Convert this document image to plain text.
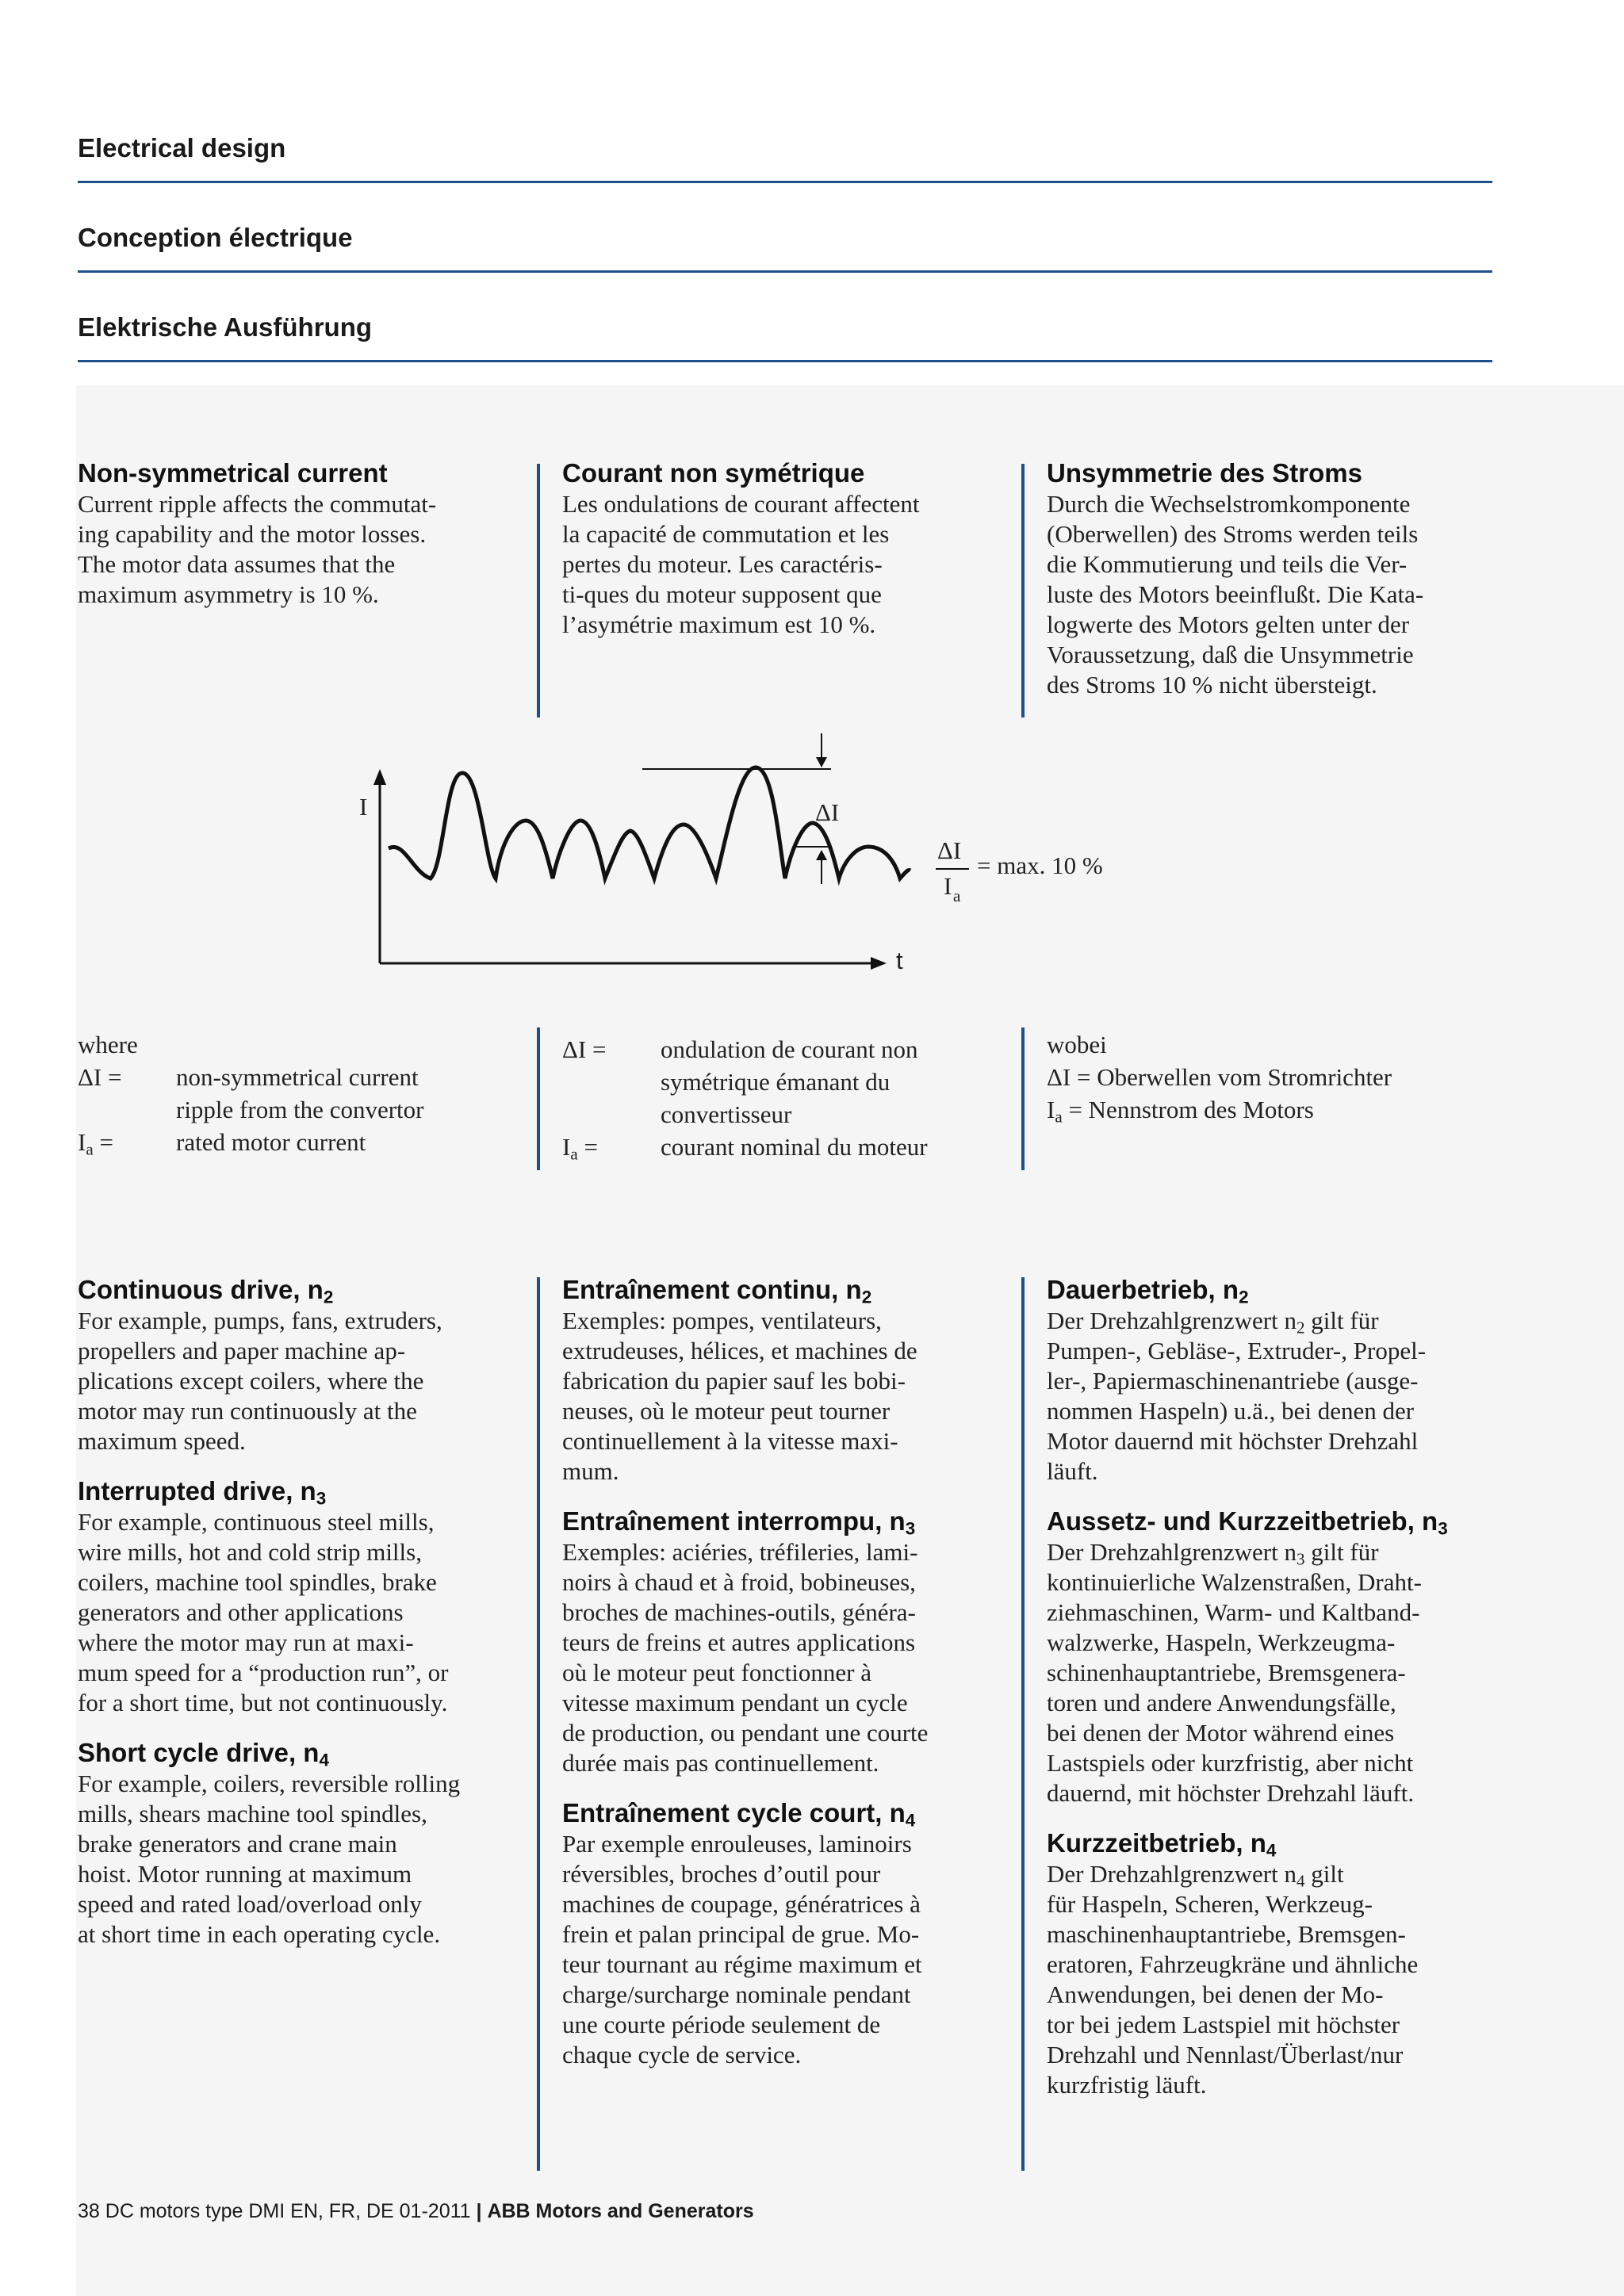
Electrical design
Conception électrique
Elektrische Ausführung
Non-symmetrical current
Current ripple affects the commutat-
ing capability and the motor losses.
The motor data assumes that the
maximum asymmetry is 10 %.
Courant non symétrique
Les ondulations de courant affectent
la capacité de commutation et les
pertes du moteur. Les caractéris-
ti-ques du moteur supposent que
l’asymétrie maximum est 10 %.
Unsymmetrie des Stroms
Durch die Wechselstromkomponente
(Oberwellen) des Stroms werden teils
die Kommutierung und teils die Ver-
luste des Motors beeinflußt. Die Kata-
logwerte des Motors gelten unter der
Voraussetzung, daß die Unsymmetrie
des Stroms 10 % nicht übersteigt.
I	ΔI
ΔI
I a
= max. 10 %
t
where
ΔI =	non-symmetrical current
ripple from the convertor
$I_a$ =	rated motor current
ΔI =	ondulation de courant non
symétrique émanant du
convertisseur
$I_a$ =	courant nominal du moteur
wobei
ΔI = Oberwellen vom Stromrichter
$I_a$ = Nennstrom des Motors
Continuous drive, $n_2$
For example, pumps, fans, extruders,
propellers and paper machine ap-
plications except coilers, where the
motor may run continuously at the
maximum speed.
Interrupted drive, $n_3$
For example, continuous steel mills,
wire mills, hot and cold strip mills,
coilers, machine tool spindles, brake
generators and other applications
where the motor may run at maxi-
mum speed for a “production run”, or
for a short time, but not continuously.
Short cycle drive, $n_4$
For example, coilers, reversible rolling
mills, shears machine tool spindles,
brake generators and crane main
hoist. Motor running at maximum
speed and rated load/overload only
at short time in each operating cycle.
Entraînement continu, $n_2$
Exemples: pompes, ventilateurs,
extrudeuses, hélices, et machines de
fabrication du papier sauf les bobi-
neuses, où le moteur peut tourner
continuellement à la vitesse maxi-
mum.
Entraînement interrompu, $n_3$
Exemples: aciéries, tréfileries, lami-
noirs à chaud et à froid, bobineuses,
broches de machines-outils, généra-
teurs de freins et autres applications
où le moteur peut fonctionner à
vitesse maximum pendant un cycle
de production, ou pendant une courte
durée mais pas continuellement.
Entraînement cycle court, $n_4$
Par exemple enrouleuses, laminoirs
réversibles, broches d’outil pour
machines de coupage, génératrices à
frein et palan principal de grue. Mo-
teur tournant au régime maximum et
charge/surcharge nominale pendant
une courte période seulement de
chaque cycle de service.
Dauerbetrieb, $n_2$
Der Drehzahlgrenzwert $n_2$ gilt für
Pumpen-, Gebläse-, Extruder-, Propel-
ler-, Papiermaschinenantriebe (ausge-
nommen Haspeln) u.ä., bei denen der
Motor dauernd mit höchster Drehzahl
läuft.
Aussetz- und Kurzzeitbetrieb, $n_3$
Der Drehzahlgrenzwert $n_3$ gilt für
kontinuierliche Walzenstraßen, Draht-
ziehmaschinen, Warm- und Kaltband-
walzwerke, Haspeln, Werkzeugma-
schinenhauptantriebe, Bremsgenera-
toren und andere Anwendungsfälle,
bei denen der Motor während eines
Lastspiels oder kurzfristig, aber nicht
dauernd, mit höchster Drehzahl läuft.
Kurzzeitbetrieb, $n_4$
Der Drehzahlgrenzwert $n_4$ gilt
für Haspeln, Scheren, Werkzeug-
maschinenhauptantriebe, Bremsgen-
eratoren, Fahrzeugkräne und ähnliche
Anwendungen, bei denen der Mo-
tor bei jedem Lastspiel mit höchster
Drehzahl und Nennlast/Überlast/nur
kurzfristig läuft.
38 DC motors type DMI EN, FR, DE 01-2011 | ABB Motors and Generators
